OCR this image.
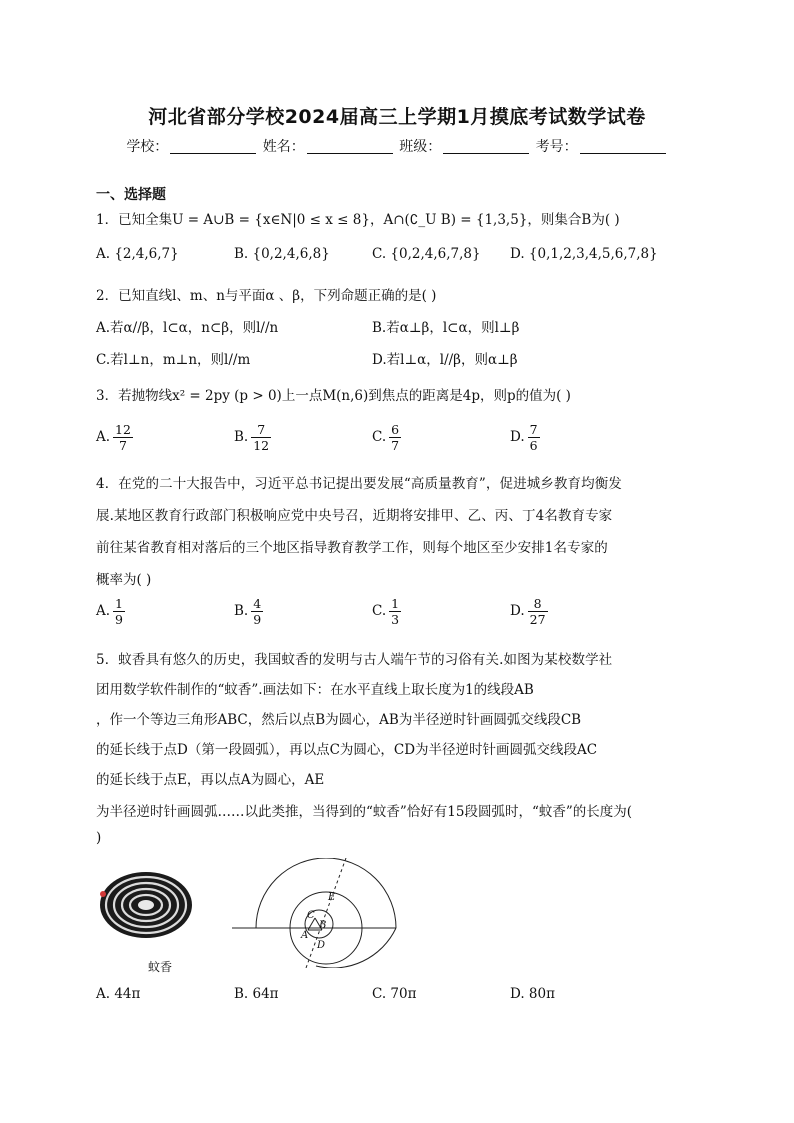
河北省部分学校2024届高三上学期1月摸底考试数学试卷
学校：	姓名：	班级：	考号：
一、选择题
1．已知全集U = A∪B = {x∈N|0 ≤ x ≤ 8}，A∩(∁_U B) = {1,3,5}，则集合B为( )
A. {2,4,6,7}	B. {0,2,4,6,8}	C. {0,2,4,6,7,8} D. {0,1,2,3,4,5,6,7,8}
2．已知直线l、m、n与平面α 、β，下列命题正确的是( )
A.若α//β，l⊂α，n⊂β，则l//n	B.若α⊥β，l⊂α，则l⊥β
C.若l⊥n，m⊥n，则l//m	D.若l⊥α，l//β，则α⊥β
3．若抛物线x² = 2py (p > 0)上一点M(n,6)到焦点的距离是4p，则p的值为( )
A. $\frac{12}{7}$	B. $\frac{7}{12}$	C. $\frac{6}{7}$	D. $\frac{7}{6}$
4．在党的二十大报告中，习近平总书记提出要发展“高质量教育”，促进城乡教育均衡发
展.某地区教育行政部门积极响应党中央号召，近期将安排甲、乙、丙、丁4名教育专家
前往某省教育相对落后的三个地区指导教育教学工作，则每个地区至少安排1名专家的
概率为( )
A. $\frac{1}{9}$	B. $\frac{4}{9}$	C. $\frac{1}{3}$	D. $\frac{8}{27}$
5．蚊香具有悠久的历史，我国蚊香的发明与古人端午节的习俗有关.如图为某校数学社
团用数学软件制作的“蚊香”.画法如下：在水平直线上取长度为1的线段AB
，作一个等边三角形ABC，然后以点B为圆心，AB为半径逆时针画圆弧交线段CB
的延长线于点D（第一段圆弧），再以点C为圆心，CD为半径逆时针画圆弧交线段AC
的延长线于点E，再以点A为圆心，AE
为半径逆时针画圆弧……以此类推，当得到的“蚊香”恰好有15段圆弧时，“蚊香”的长度为(
)
C
E
B
A
D
蚊香
A. 44π	B. 64π	C. 70π	D. 80π
